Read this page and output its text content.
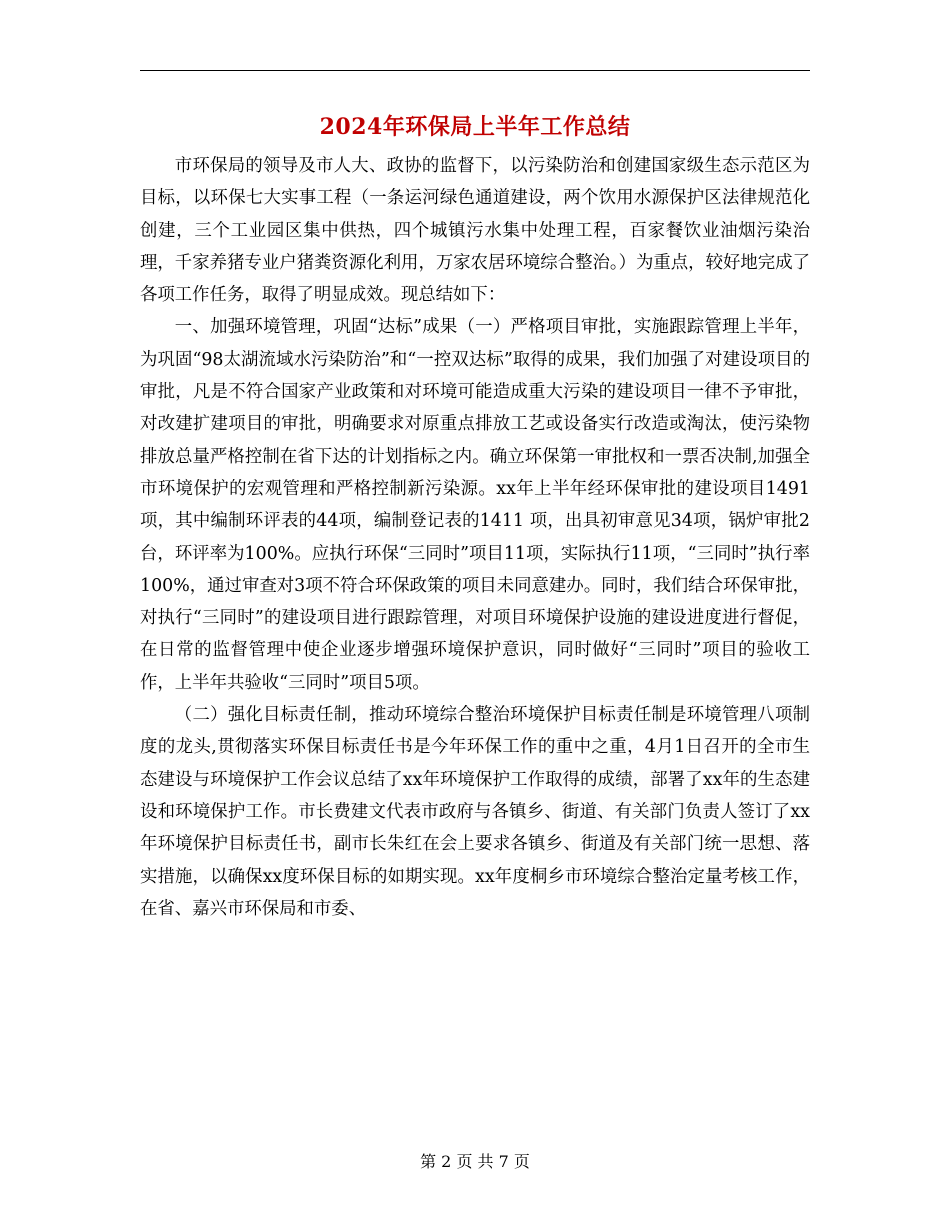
2024年环保局上半年工作总结

市环保局的领导及市人大、政协的监督下，以污染防治和创建国家级生态示范区为目标，以环保七大实事工程（一条运河绿色通道建设，两个饮用水源保护区法律规范化创建，三个工业园区集中供热，四个城镇污水集中处理工程，百家餐饮业油烟污染治理，千家养猪专业户猪粪资源化利用，万家农居环境综合整治。）为重点，较好地完成了各项工作任务，取得了明显成效。现总结如下：

一、加强环境管理，巩固“达标”成果（一）严格项目审批，实施跟踪管理上半年，为巩固“98太湖流域水污染防治”和“一控双达标”取得的成果，我们加强了对建设项目的审批，凡是不符合国家产业政策和对环境可能造成重大污染的建设项目一律不予审批，对改建扩建项目的审批，明确要求对原重点排放工艺或设备实行改造或淘汰，使污染物排放总量严格控制在省下达的计划指标之内。确立环保第一审批权和一票否决制,加强全市环境保护的宏观管理和严格控制新污染源。xx年上半年经环保审批的建设项目1491 项，其中编制环评表的44项，编制登记表的1411 项，出具初审意见34项，锅炉审批2 台，环评率为100%。应执行环保“三同时”项目11项，实际执行11项，“三同时”执行率100%，通过审查对3项不符合环保政策的项目未同意建办。同时，我们结合环保审批，对执行“三同时”的建设项目进行跟踪管理，对项目环境保护设施的建设进度进行督促，在日常的监督管理中使企业逐步增强环境保护意识，同时做好“三同时”项目的验收工作，上半年共验收“三同时”项目5项。

（二）强化目标责任制，推动环境综合整治环境保护目标责任制是环境管理八项制度的龙头,贯彻落实环保目标责任书是今年环保工作的重中之重，4月1日召开的全市生态建设与环境保护工作会议总结了xx年环境保护工作取得的成绩，部署了xx年的生态建设和环境保护工作。市长费建文代表市政府与各镇乡、街道、有关部门负责人签订了xx年环境保护目标责任书，副市长朱红在会上要求各镇乡、街道及有关部门统一思想、落实措施，以确保xx度环保目标的如期实现。xx年度桐乡市环境综合整治定量考核工作，在省、嘉兴市环保局和市委、

第 2 页 共 7 页
